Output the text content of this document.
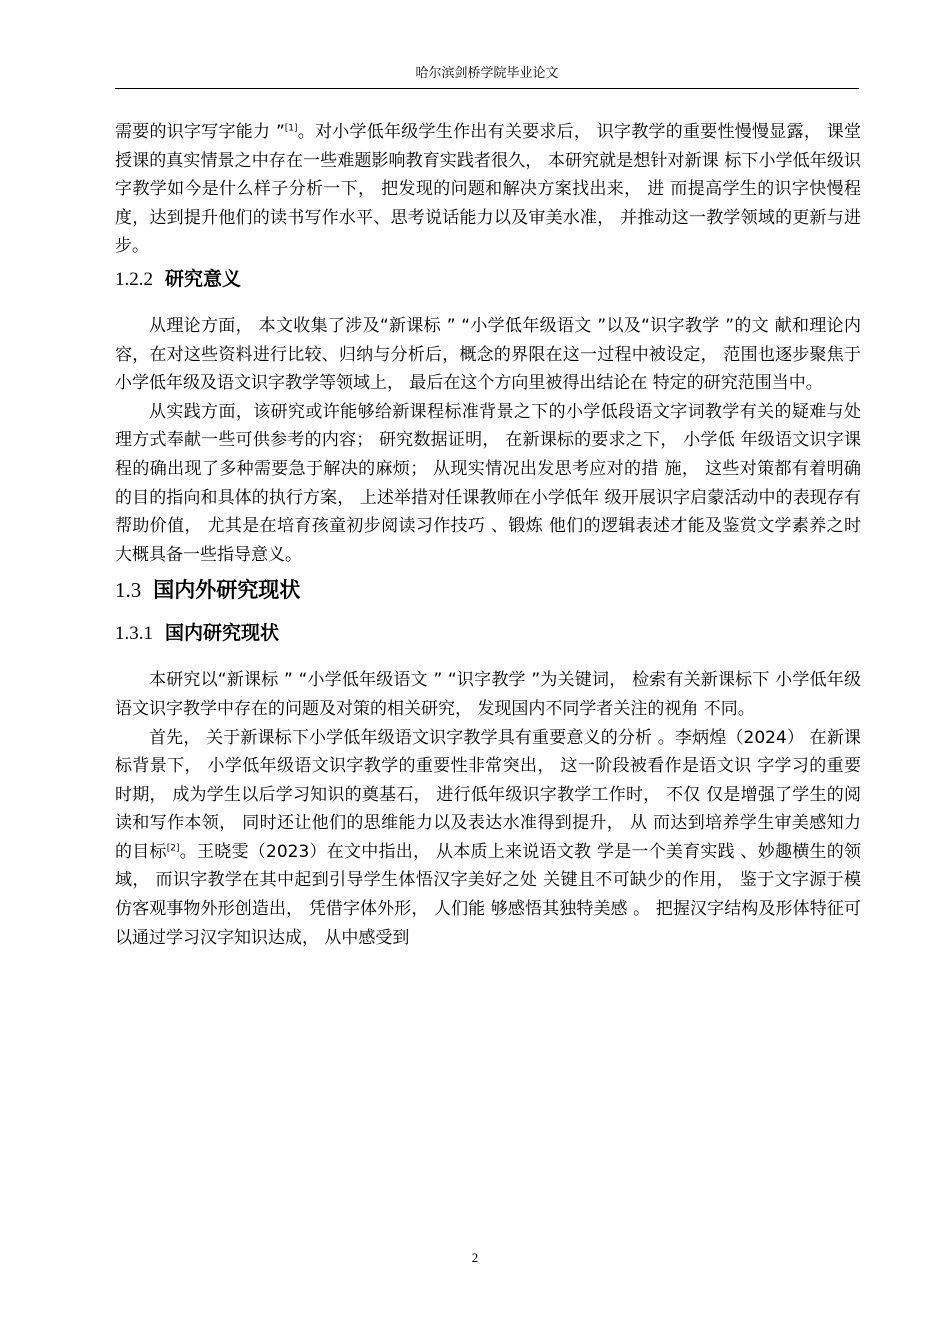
哈尔滨剑桥学院毕业论文

需要的识字写字能力 ”[1]。对小学低年级学生作出有关要求后， 识字教学的重要性慢慢显露， 课堂授课的真实情景之中存在一些难题影响教育实践者很久， 本研究就是想针对新课 标下小学低年级识字教学如今是什么样子分析一下， 把发现的问题和解决方案找出来， 进 而提高学生的识字快慢程度，达到提升他们的读书写作水平、思考说话能力以及审美水准， 并推动这一教学领域的更新与进步。

1.2.2 研究意义

从理论方面， 本文收集了涉及“新课标 ” “小学低年级语文 ”以及“识字教学 ”的文 献和理论内容，在对这些资料进行比较、归纳与分析后，概念的界限在这一过程中被设定， 范围也逐步聚焦于小学低年级及语文识字教学等领域上， 最后在这个方向里被得出结论在 特定的研究范围当中。

从实践方面，该研究或许能够给新课程标准背景之下的小学低段语文字词教学有关的疑难与处理方式奉献一些可供参考的内容； 研究数据证明， 在新课标的要求之下， 小学低 年级语文识字课程的确出现了多种需要急于解决的麻烦； 从现实情况出发思考应对的措 施， 这些对策都有着明确的目的指向和具体的执行方案， 上述举措对任课教师在小学低年 级开展识字启蒙活动中的表现存有帮助价值， 尤其是在培育孩童初步阅读习作技巧 、锻炼 他们的逻辑表述才能及鉴赏文学素养之时大概具备一些指导意义。

1.3 国内外研究现状
1.3.1 国内研究现状

本研究以“新课标 ” “小学低年级语文 ” “识字教学 ”为关键词， 检索有关新课标下 小学低年级语文识字教学中存在的问题及对策的相关研究， 发现国内不同学者关注的视角 不同。

首先， 关于新课标下小学低年级语文识字教学具有重要意义的分析 。李炳煌（2024） 在新课标背景下， 小学低年级语文识字教学的重要性非常突出， 这一阶段被看作是语文识 字学习的重要时期， 成为学生以后学习知识的奠基石， 进行低年级识字教学工作时， 不仅 仅是增强了学生的阅读和写作本领， 同时还让他们的思维能力以及表达水准得到提升， 从 而达到培养学生审美感知力的目标[2]。王晓雯（2023）在文中指出， 从本质上来说语文教 学是一个美育实践 、妙趣横生的领域， 而识字教学在其中起到引导学生体悟汉字美好之处 关键且不可缺少的作用， 鉴于文字源于模仿客观事物外形创造出， 凭借字体外形， 人们能 够感悟其独特美感 。 把握汉字结构及形体特征可以通过学习汉字知识达成， 从中感受到

2
